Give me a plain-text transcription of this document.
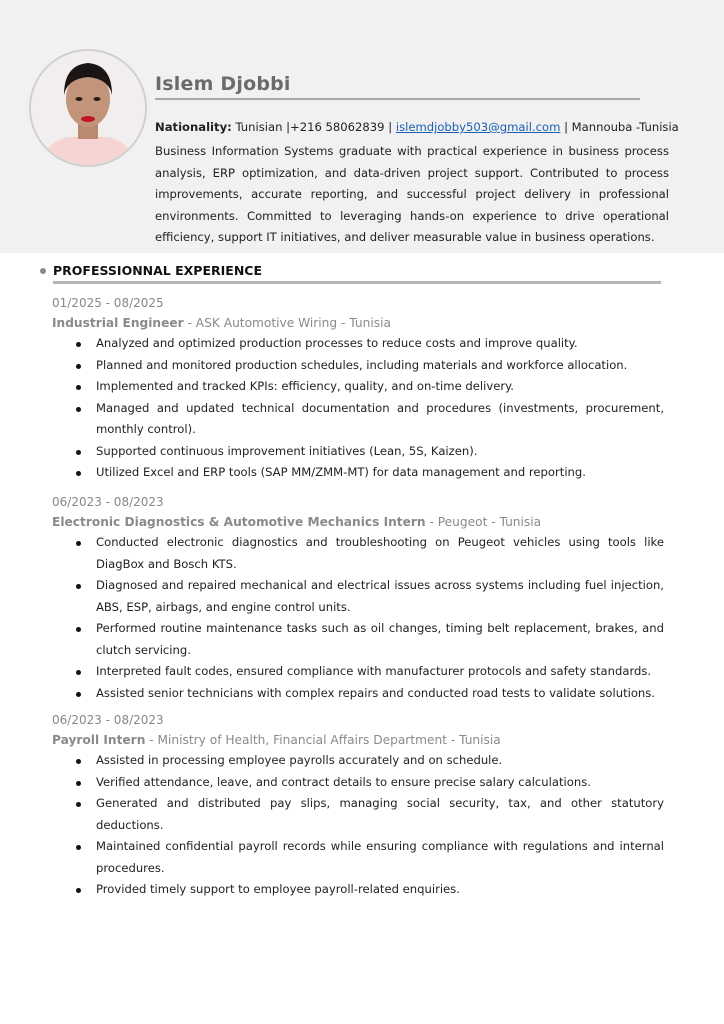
Islem Djobbi
Nationality: Tunisian |+216 58062839 | islemdjobby503@gmail.com | Mannouba -Tunisia
Business Information Systems graduate with practical experience in business process analysis, ERP optimization, and data-driven project support. Contributed to process improvements, accurate reporting, and successful project delivery in professional environments. Committed to leveraging hands-on experience to drive operational efficiency, support IT initiatives, and deliver measurable value in business operations.
PROFESSIONNAL EXPERIENCE
01/2025 - 08/2025
Industrial Engineer - ASK Automotive Wiring - Tunisia
Analyzed and optimized production processes to reduce costs and improve quality.
Planned and monitored production schedules, including materials and workforce allocation.
Implemented and tracked KPIs: efficiency, quality, and on-time delivery.
Managed and updated technical documentation and procedures (investments, procurement, monthly control).
Supported continuous improvement initiatives (Lean, 5S, Kaizen).
Utilized Excel and ERP tools (SAP MM/ZMM-MT) for data management and reporting.
06/2023 - 08/2023
Electronic Diagnostics & Automotive Mechanics Intern - Peugeot - Tunisia
Conducted electronic diagnostics and troubleshooting on Peugeot vehicles using tools like DiagBox and Bosch KTS.
Diagnosed and repaired mechanical and electrical issues across systems including fuel injection, ABS, ESP, airbags, and engine control units.
Performed routine maintenance tasks such as oil changes, timing belt replacement, brakes, and clutch servicing.
Interpreted fault codes, ensured compliance with manufacturer protocols and safety standards.
Assisted senior technicians with complex repairs and conducted road tests to validate solutions.
06/2023 - 08/2023
Payroll Intern - Ministry of Health, Financial Affairs Department - Tunisia
Assisted in processing employee payrolls accurately and on schedule.
Verified attendance, leave, and contract details to ensure precise salary calculations.
Generated and distributed pay slips, managing social security, tax, and other statutory deductions.
Maintained confidential payroll records while ensuring compliance with regulations and internal procedures.
Provided timely support to employee payroll-related enquiries.
